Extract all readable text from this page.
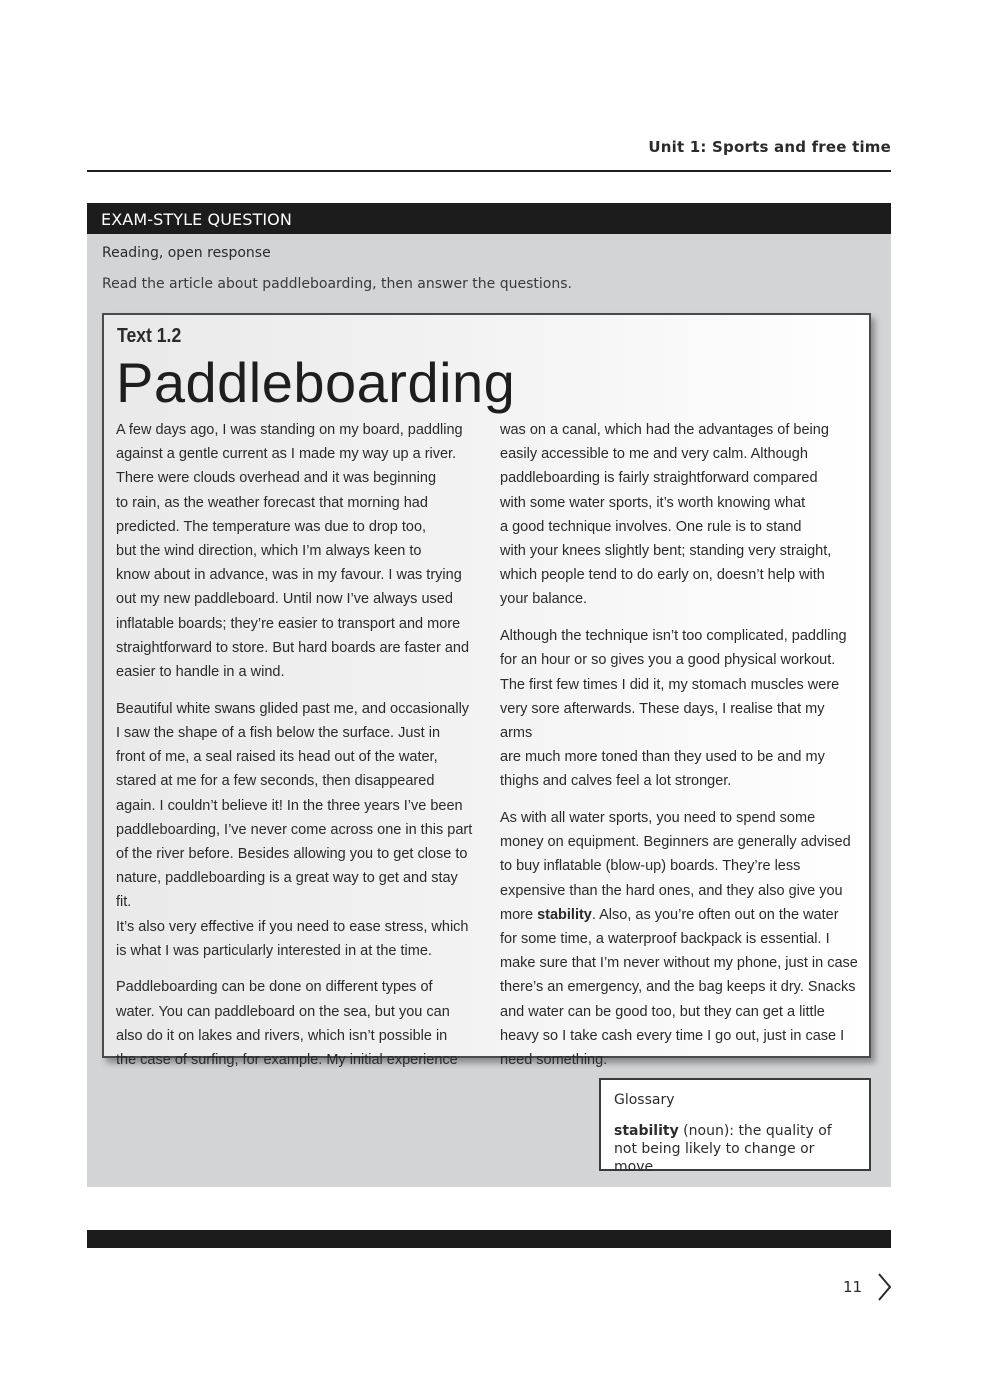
Unit 1: Sports and free time
EXAM-STYLE QUESTION
Reading, open response
Read the article about paddleboarding, then answer the questions.
Text 1.2
Paddleboarding

A few days ago, I was standing on my board, paddling
against a gentle current as I made my way up a river.
There were clouds overhead and it was beginning
to rain, as the weather forecast that morning had
predicted. The temperature was due to drop too,
but the wind direction, which I’m always keen to
know about in advance, was in my favour. I was trying
out my new paddleboard. Until now I’ve always used
inflatable boards; they’re easier to transport and more
straightforward to store. But hard boards are faster and
easier to handle in a wind.

Beautiful white swans glided past me, and occasionally
I saw the shape of a fish below the surface. Just in
front of me, a seal raised its head out of the water,
stared at me for a few seconds, then disappeared
again. I couldn’t believe it! In the three years I’ve been
paddleboarding, I’ve never come across one in this part
of the river before. Besides allowing you to get close to
nature, paddleboarding is a great way to get and stay fit.
It’s also very effective if you need to ease stress, which
is what I was particularly interested in at the time.

Paddleboarding can be done on different types of
water. You can paddleboard on the sea, but you can
also do it on lakes and rivers, which isn’t possible in
the case of surfing, for example. My initial experience

was on a canal, which had the advantages of being
easily accessible to me and very calm. Although
paddleboarding is fairly straightforward compared
with some water sports, it’s worth knowing what
a good technique involves. One rule is to stand
with your knees slightly bent; standing very straight,
which people tend to do early on, doesn’t help with
your balance.

Although the technique isn’t too complicated, paddling
for an hour or so gives you a good physical workout.
The first few times I did it, my stomach muscles were
very sore afterwards. These days, I realise that my arms
are much more toned than they used to be and my
thighs and calves feel a lot stronger.

As with all water sports, you need to spend some
money on equipment. Beginners are generally advised
to buy inflatable (blow-up) boards. They’re less
expensive than the hard ones, and they also give you
more stability. Also, as you’re often out on the water
for some time, a waterproof backpack is essential. I
make sure that I’m never without my phone, just in case
there’s an emergency, and the bag keeps it dry. Snacks
and water can be good too, but they can get a little
heavy so I take cash every time I go out, just in case I
need something.

Glossary
stability (noun): the quality of not being likely to change or move
11
